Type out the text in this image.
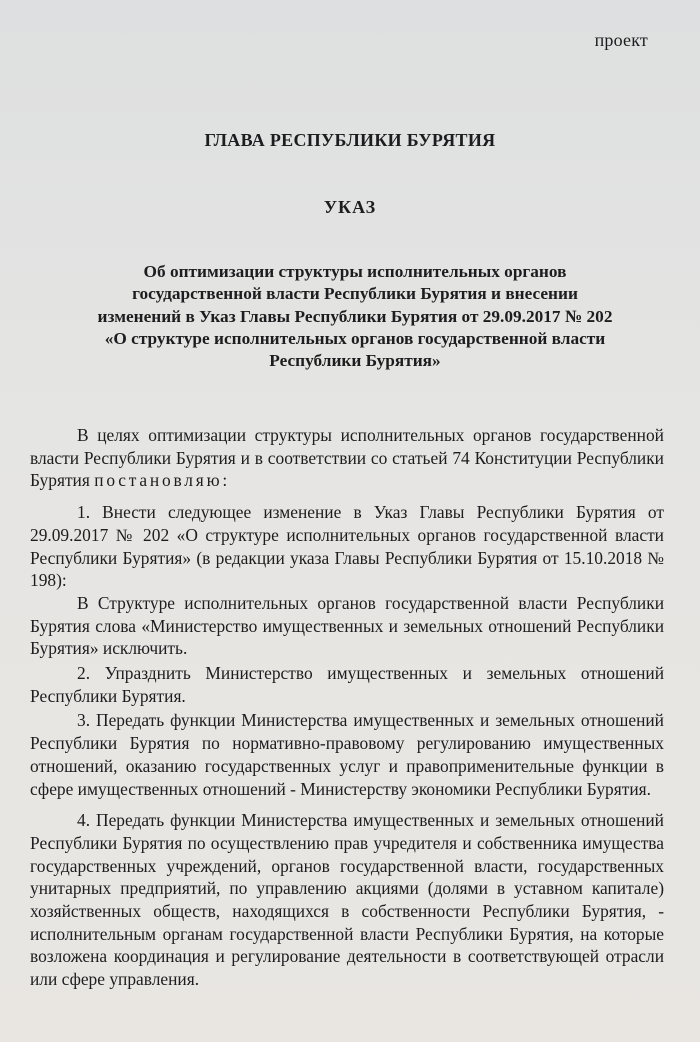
проект
ГЛАВА РЕСПУБЛИКИ БУРЯТИЯ
УКАЗ
Об оптимизации структуры исполнительных органов государственной власти Республики Бурятия и внесении изменений в Указ Главы Республики Бурятия от 29.09.2017 № 202 «О структуре исполнительных органов государственной власти Республики Бурятия»

В целях оптимизации структуры исполнительных органов государственной власти Республики Бурятия и в соответствии со статьей 74 Конституции Республики Бурятия постановляю:

1. Внести следующее изменение в Указ Главы Республики Бурятия от 29.09.2017 № 202 «О структуре исполнительных органов государственной власти Республики Бурятия» (в редакции указа Главы Республики Бурятия от 15.10.2018 № 198):

В Структуре исполнительных органов государственной власти Республики Бурятия слова «Министерство имущественных и земельных отношений Республики Бурятия» исключить.

2. Упразднить Министерство имущественных и земельных отношений Республики Бурятия.

3. Передать функции Министерства имущественных и земельных отношений Республики Бурятия по нормативно-правовому регулированию имущественных отношений, оказанию государственных услуг и правоприменительные функции в сфере имущественных отношений - Министерству экономики Республики Бурятия.

4. Передать функции Министерства имущественных и земельных отношений Республики Бурятия по осуществлению прав учредителя и собственника имущества государственных учреждений, органов государственной власти, государственных унитарных предприятий, по управлению акциями (долями в уставном капитале) хозяйственных обществ, находящихся в собственности Республики Бурятия, - исполнительным органам государственной власти Республики Бурятия, на которые возложена координация и регулирование деятельности в соответствующей отрасли или сфере управления.
